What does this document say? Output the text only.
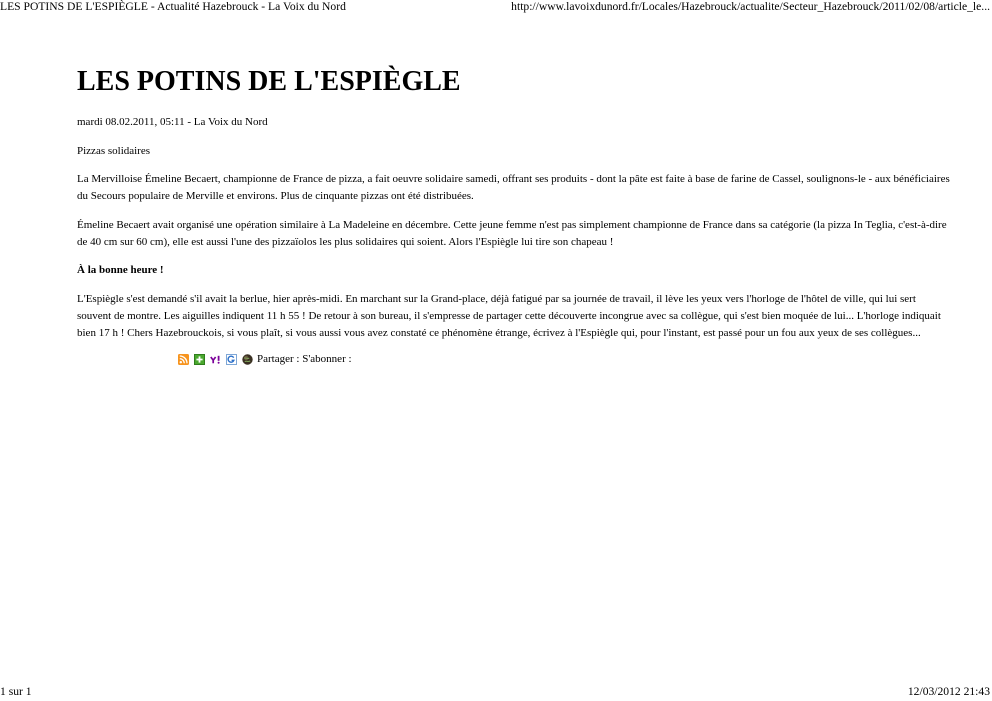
LES POTINS DE L'ESPIÈGLE - Actualité Hazebrouck - La Voix du Nord	http://www.lavoixdunord.fr/Locales/Hazebrouck/actualite/Secteur_Hazebrouck/2011/02/08/article_le...
LES POTINS DE L'ESPIÈGLE

mardi 08.02.2011, 05:11 - La Voix du Nord

Pizzas solidaires

La Mervilloise Émeline Becaert, championne de France de pizza, a fait oeuvre solidaire samedi, offrant ses produits - dont la pâte est faite à base de farine de Cassel, soulignons-le - aux bénéficiaires du Secours populaire de Merville et environs. Plus de cinquante pizzas ont été distribuées.

Émeline Becaert avait organisé une opération similaire à La Madeleine en décembre. Cette jeune femme n'est pas simplement championne de France dans sa catégorie (la pizza In Teglia, c'est-à-dire de 40 cm sur 60 cm), elle est aussi l'une des pizzaïolos les plus solidaires qui soient. Alors l'Espiègle lui tire son chapeau !

À la bonne heure !

L'Espiègle s'est demandé s'il avait la berlue, hier après-midi. En marchant sur la Grand-place, déjà fatigué par sa journée de travail, il lève les yeux vers l'horloge de l'hôtel de ville, qui lui sert souvent de montre. Les aiguilles indiquent 11 h 55 ! De retour à son bureau, il s'empresse de partager cette découverte incongrue avec sa collègue, qui s'est bien moquée de lui... L'horloge indiquait bien 17 h ! Chers Hazebrouckois, si vous plaît, si vous aussi vous avez constaté ce phénomène étrange, écrivez à l'Espiègle qui, pour l'instant, est passé pour un fou aux yeux de ses collègues...

Partager : S'abonner :
1 sur 1	12/03/2012 21:43
